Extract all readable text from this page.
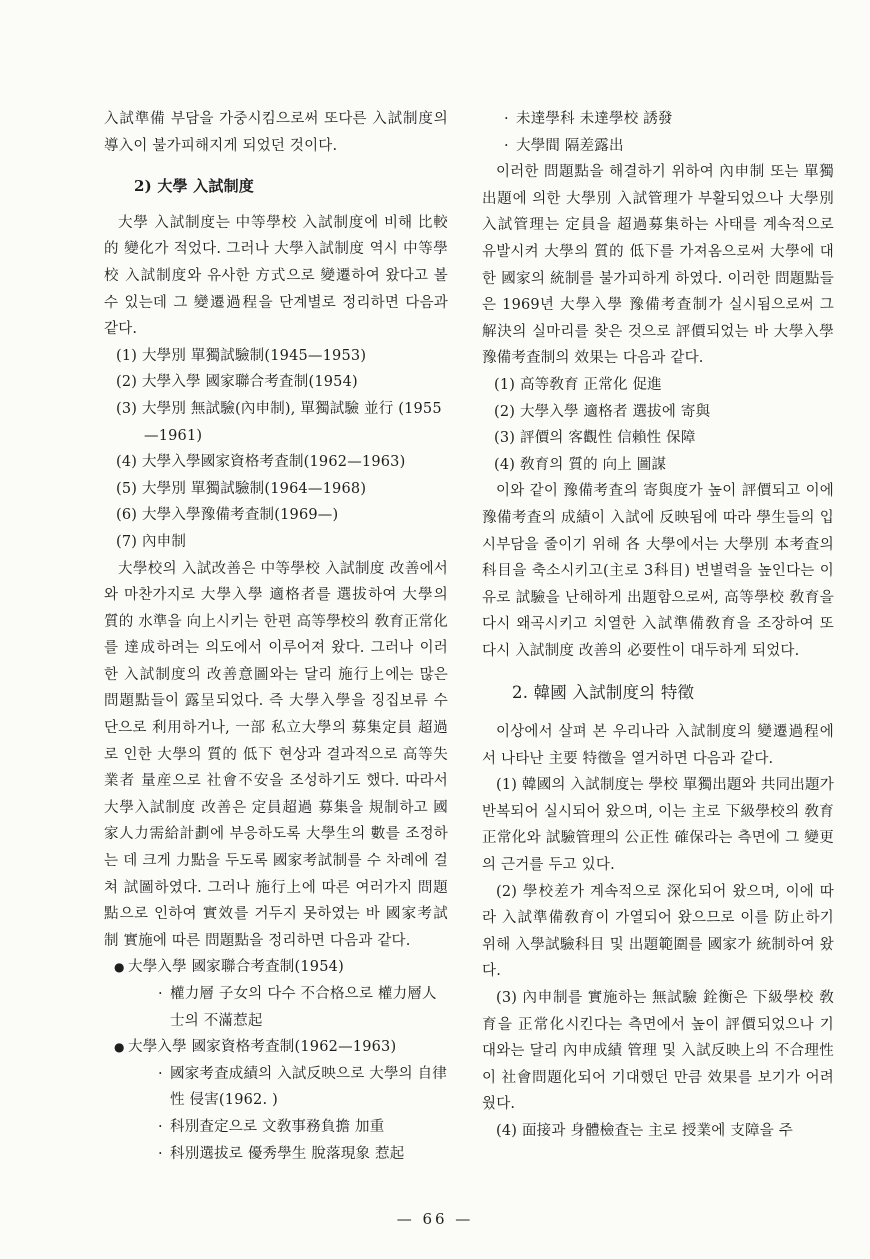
入試準備 부담을 가중시킴으로써 또다른 入試制度의 導入이 불가피해지게 되었던 것이다.

2) 大學 入試制度

大學 入試制度는 中等學校 入試制度에 비해 比較的 變化가 적었다. 그러나 大學入試制度 역시 中等學校 入試制度와 유사한 方式으로 變遷하여 왔다고 볼 수 있는데 그 變遷過程을 단계별로 정리하면 다음과 같다.

(1) 大學別 單獨試驗制(1945—1953)
(2) 大學入學 國家聯合考査制(1954)
(3) 大學別 無試驗(內申制), 單獨試驗 並行 (1955—1961)
(4) 大學入學國家資格考査制(1962—1963)
(5) 大學別 單獨試驗制(1964—1968)
(6) 大學入學豫備考査制(1969—)
(7) 內申制

大學校의 入試改善은 中等學校 入試制度 改善에서와 마찬가지로 大學入學 適格者를 選拔하여 大學의 質的 水準을 向上시키는 한편 高等學校의 敎育正常化를 達成하려는 의도에서 이루어져 왔다. 그러나 이러한 入試制度의 改善意圖와는 달리 施行上에는 많은 問題點들이 露呈되었다. 즉 大學入學을 징집보류 수단으로 利用하거나, 一部 私立大學의 募集定員 超過로 인한 大學의 質的 低下 현상과 결과적으로 高等失業者 量産으로 社會不安을 조성하기도 했다. 따라서 大學入試制度 改善은 定員超過 募集을 規制하고 國家人力需給計劃에 부응하도록 大學生의 數를 조정하는 데 크게 力點을 두도록 國家考試制를 수 차례에 걸쳐 試圖하였다. 그러나 施行上에 따른 여러가지 問題點으로 인하여 實效를 거두지 못하였는 바 國家考試制 實施에 따른 問題點을 정리하면 다음과 같다.

● 大學入學 國家聯合考査制(1954)
· 權力層 子女의 다수 不合格으로 權力層人士의 不滿惹起
● 大學入學 國家資格考査制(1962—1963)
· 國家考査成績의 入試反映으로 大學의 自律性 侵害(1962. )
· 科別査定으로 文敎事務負擔 加重
· 科別選拔로 優秀學生 脫落現象 惹起
· 未達學科 未達學校 誘發
· 大學間 隔差露出

이러한 問題點을 해결하기 위하여 內申制 또는 單獨出題에 의한 大學別 入試管理가 부활되었으나 大學別 入試管理는 定員을 超過募集하는 사태를 계속적으로 유발시켜 大學의 質的 低下를 가져옴으로써 大學에 대한 國家의 統制를 불가피하게 하였다. 이러한 問題點들은 1969년 大學入學 豫備考査制가 실시됨으로써 그 解決의 실마리를 찾은 것으로 評價되었는 바 大學入學 豫備考査制의 效果는 다음과 같다.

(1) 高等敎育 正常化 促進
(2) 大學入學 適格者 選拔에 寄與
(3) 評價의 客觀性 信賴性 保障
(4) 敎育의 質的 向上 圖謀

이와 같이 豫備考査의 寄與度가 높이 評價되고 이에 豫備考査의 成績이 入試에 反映됨에 따라 學生들의 입시부담을 줄이기 위해 各 大學에서는 大學別 本考査의 科目을 축소시키고(主로 3科目) 변별력을 높인다는 이유로 試驗을 난해하게 出題함으로써, 高等學校 敎育을 다시 왜곡시키고 치열한 入試準備敎育을 조장하여 또 다시 入試制度 改善의 必要性이 대두하게 되었다.

2. 韓國 入試制度의 特徵

이상에서 살펴 본 우리나라 入試制度의 變遷過程에서 나타난 主要 特徵을 열거하면 다음과 같다.

(1) 韓國의 入試制度는 學校 單獨出題와 共同出題가 반복되어 실시되어 왔으며, 이는 主로 下級學校의 敎育正常化와 試驗管理의 公正性 確保라는 측면에 그 變更의 근거를 두고 있다.

(2) 學校差가 계속적으로 深化되어 왔으며, 이에 따라 入試準備敎育이 가열되어 왔으므로 이를 防止하기 위해 入學試驗科目 및 出題範圍를 國家가 統制하여 왔다.

(3) 內申制를 實施하는 無試驗 銓衡은 下級學校 敎育을 正常化시킨다는 측면에서 높이 評價되었으나 기대와는 달리 內申成績 管理 및 入試反映上의 不合理性이 社會問題化되어 기대했던 만큼 效果를 보기가 어려웠다.

(4) 面接과 身體檢査는 主로 授業에 支障을 주

— 66 —
